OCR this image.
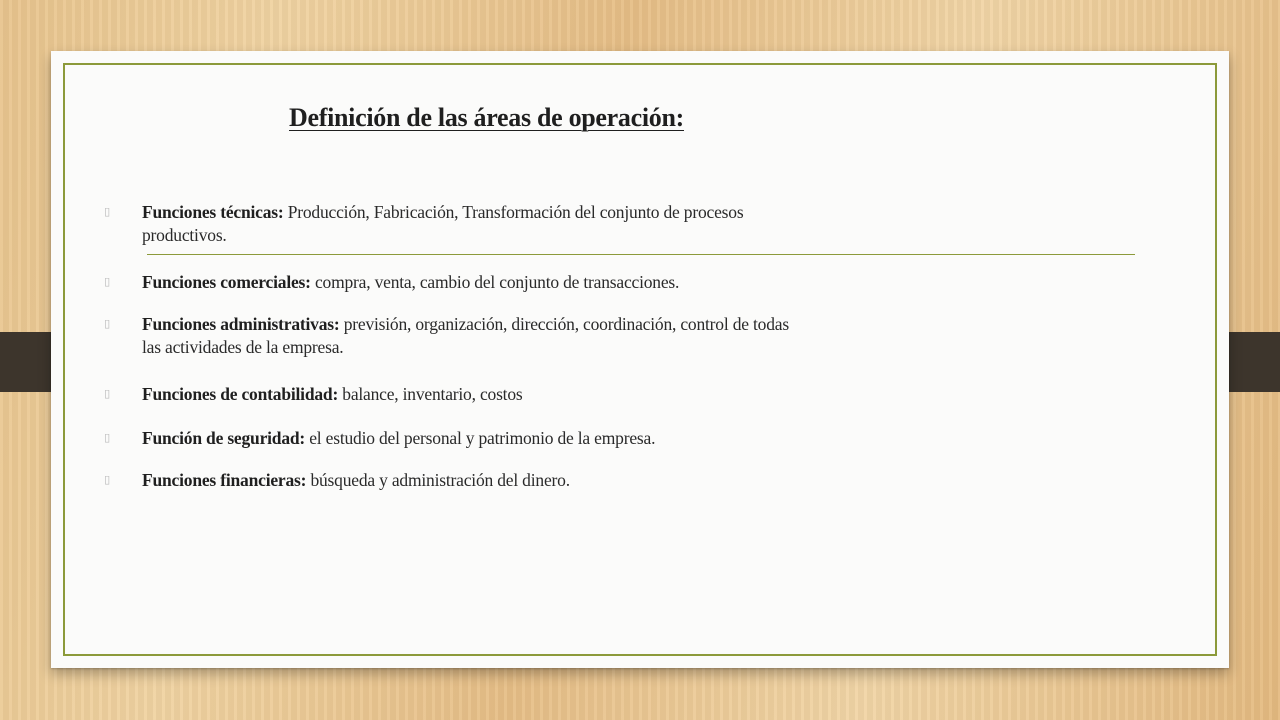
Definición de las áreas de operación:
▯ Funciones técnicas: Producción, Fabricación, Transformación del conjunto de procesos
productivos.
▯ Funciones comerciales: compra, venta, cambio del conjunto de transacciones.
▯ Funciones administrativas: previsión, organización, dirección, coordinación, control de todas
las actividades de la empresa.
▯ Funciones de contabilidad: balance, inventario, costos
▯ Función de seguridad: el estudio del personal y patrimonio de la empresa.
▯ Funciones financieras: búsqueda y administración del dinero.
